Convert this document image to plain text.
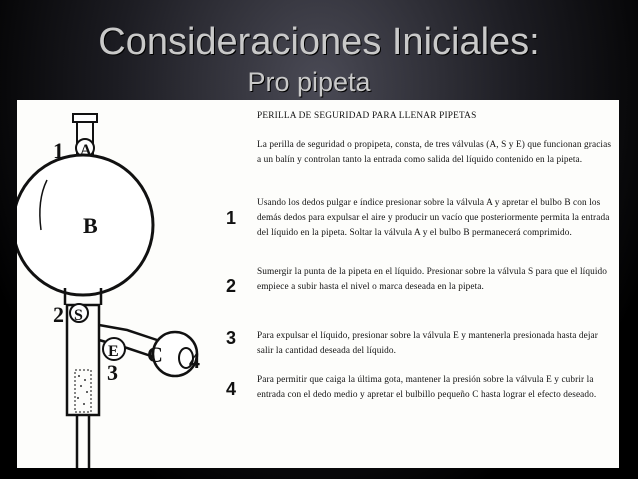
Consideraciones Iniciales:
Pro pipeta
1 A
B
2 S
E C 4
3
PERILLA DE SEGURIDAD PARA LLENAR PIPETAS

La perilla de seguridad o propipeta, consta, de tres válvulas (A, S y E) que funcionan gracias a un balín y controlan tanto la entrada como salida del líquido contenido en la pipeta.

1

Usando los dedos pulgar e índice presionar sobre la válvula A y apretar el bulbo B con los demás dedos para expulsar el aire y producir un vacío que posteriormente permita la entrada del líquido en la pipeta. Soltar la válvula A y el bulbo B permanecerá comprimido.

2

Sumergir la punta de la pipeta en el líquido. Presionar sobre la válvula S para que el líquido empiece a subir hasta el nivel o marca deseada en la pipeta.

3 Para expulsar el líquido, presionar sobre la válvula E y mantenerla presionada hasta dejar salir la cantidad deseada del líquido.

4 Para permitir que caiga la última gota, mantener la presión sobre la válvula E y cubrir la entrada con el dedo medio y apretar el bulbillo pequeño C hasta lograr el efecto deseado.
